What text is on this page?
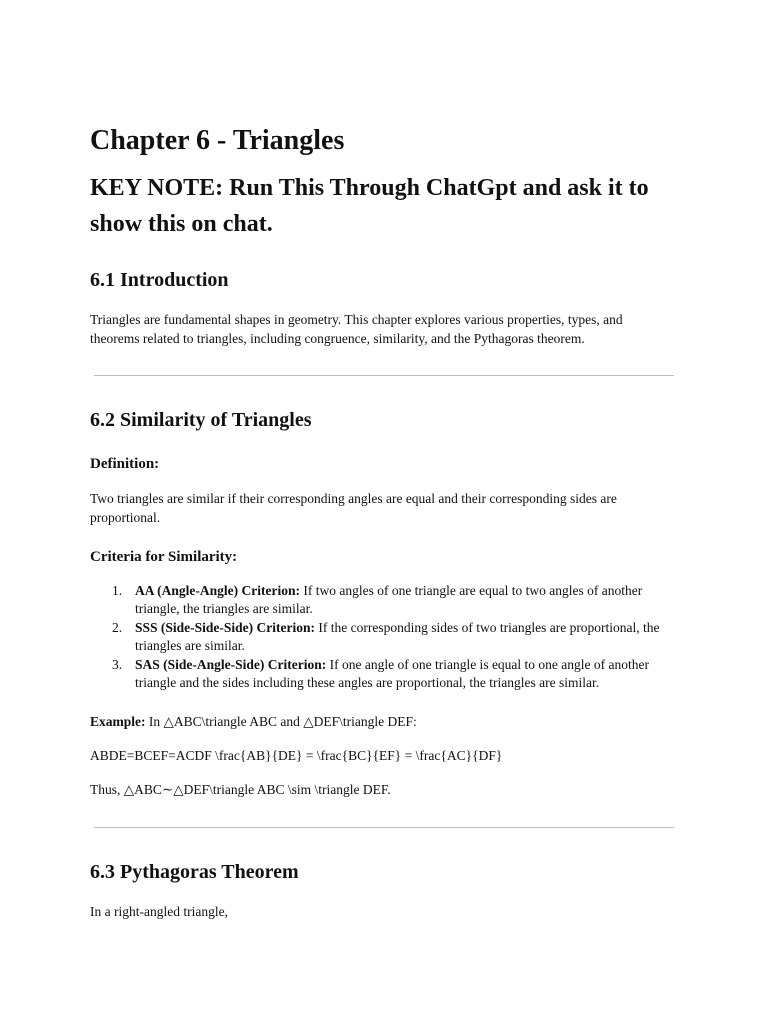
Chapter 6 - Triangles
KEY NOTE: Run This Through ChatGpt and ask it to show this on chat.
6.1 Introduction

Triangles are fundamental shapes in geometry. This chapter explores various properties, types, and theorems related to triangles, including congruence, similarity, and the Pythagoras theorem.

6.2 Similarity of Triangles
Definition:

Two triangles are similar if their corresponding angles are equal and their corresponding sides are proportional.

Criteria for Similarity:
1. AA (Angle-Angle) Criterion: If two angles of one triangle are equal to two angles of another triangle, the triangles are similar.
2. SSS (Side-Side-Side) Criterion: If the corresponding sides of two triangles are proportional, the triangles are similar.
3. SAS (Side-Angle-Side) Criterion: If one angle of one triangle is equal to one angle of another triangle and the sides including these angles are proportional, the triangles are similar.

Example: In △ABC\triangle ABC and △DEF\triangle DEF:

ABDE=BCEF=ACDF \frac{AB}{DE} = \frac{BC}{EF} = \frac{AC}{DF}

Thus, △ABC∼△DEF\triangle ABC \sim \triangle DEF.

6.3 Pythagoras Theorem

In a right-angled triangle,
